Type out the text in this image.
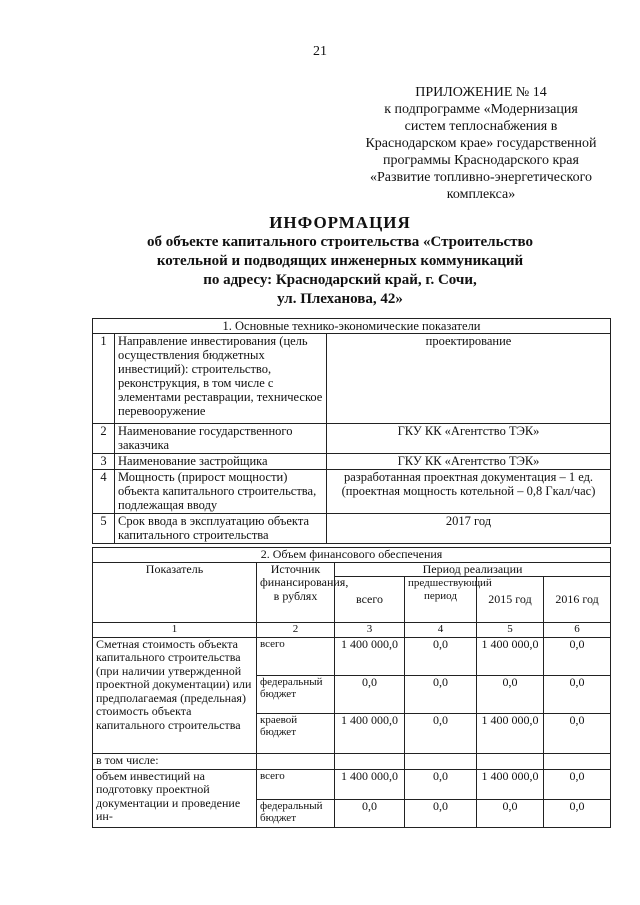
21
ПРИЛОЖЕНИЕ № 14
к подпрограмме «Модернизация
систем теплоснабжения в
Краснодарском крае» государственной
программы Краснодарского края
«Развитие топливно-энергетического
комплекса»
ИНФОРМАЦИЯ
об объекте капитального строительства «Строительство
котельной и подводящих инженерных коммуникаций
по адресу: Краснодарский край, г. Сочи,
ул. Плеханова, 42»
1. Основные технико-экономические показатели		
1	Направление инвестирования (цель осуществления бюджетных инвестиций): строительство, реконструкция, в том числе с элементами реставрации, техническое перевооружение	проектирование
2	Наименование государственного заказчика	ГКУ КК «Агентство ТЭК»
3	Наименование застройщика	ГКУ КК «Агентство ТЭК»
4	Мощность (прирост мощности) объекта капитального строительства, подлежащая вводу	разработанная проектная документация – 1 ед. (проектная мощность котельной – 0,8 Гкал/час)
5	Срок ввода в эксплуатацию объекта капитального строительства	2017 год
2. Объем финансового обеспечения					
Показатель	Источник финансирования, в рублях	Период реализации			
		всего	предшествующий период	2015 год	2016 год
1	2	3	4	5	6
Сметная стоимость объекта капитального строительства (при наличии утвержденной проектной документации) или предполагаемая (предельная) стоимость объекта капитального строительства	всего	1 400 000,0	0,0	1 400 000,0	0,0
	федеральный бюджет	0,0	0,0	0,0	0,0
	краевой бюджет	1 400 000,0	0,0	1 400 000,0	0,0
в том числе:					
объем инвестиций на подготовку проектной документации и проведение ин-	всего	1 400 000,0	0,0	1 400 000,0	0,0
	федеральный бюджет	0,0	0,0	0,0	0,0
